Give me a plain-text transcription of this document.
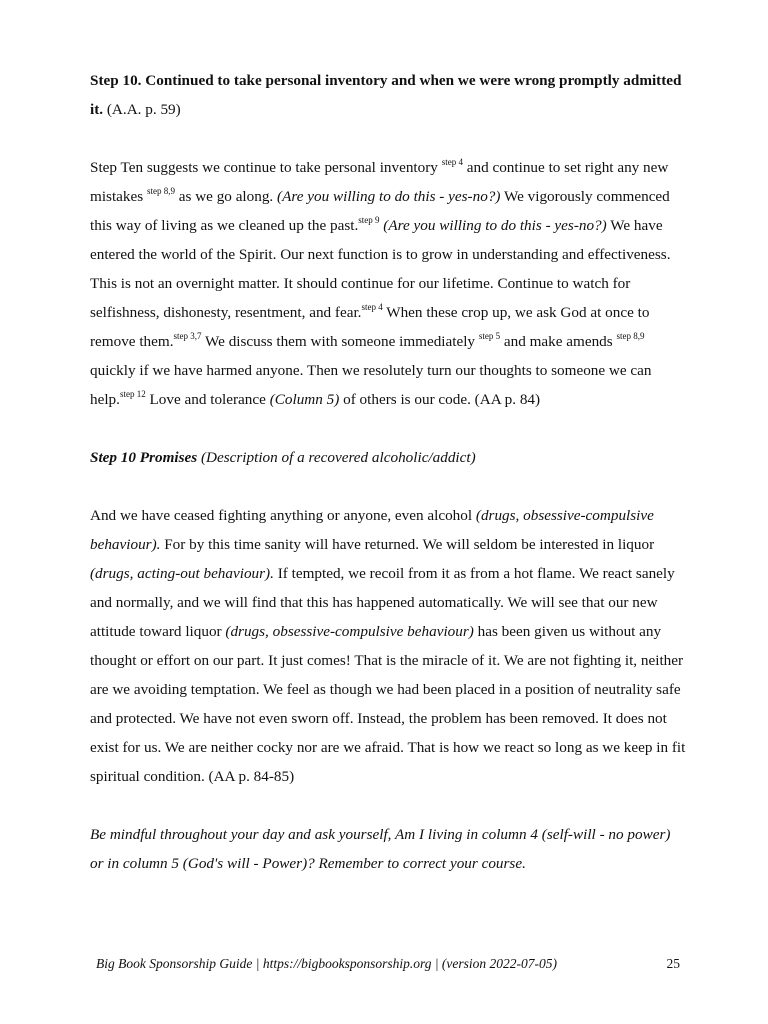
Step 10. Continued to take personal inventory and when we were wrong promptly admitted it. (A.A. p. 59)

Step Ten suggests we continue to take personal inventory $^{step 4}$ and continue to set right any new mistakes $^{step 8,9}$ as we go along. (Are you willing to do this - yes-no?) We vigorously commenced this way of living as we cleaned up the past.$^{step 9}$ (Are you willing to do this - yes-no?) We have entered the world of the Spirit. Our next function is to grow in understanding and effectiveness. This is not an overnight matter. It should continue for our lifetime. Continue to watch for selfishness, dishonesty, resentment, and fear.$^{step 4}$ When these crop up, we ask God at once to remove them.$^{step 3,7}$ We discuss them with someone immediately $^{step 5}$ and make amends $^{step 8,9}$ quickly if we have harmed anyone. Then we resolutely turn our thoughts to someone we can help.$^{step 12}$ Love and tolerance (Column 5) of others is our code. (AA p. 84)

Step 10 Promises (Description of a recovered alcoholic/addict)

And we have ceased fighting anything or anyone, even alcohol (drugs, obsessive-compulsive behaviour). For by this time sanity will have returned. We will seldom be interested in liquor (drugs, acting-out behaviour). If tempted, we recoil from it as from a hot flame. We react sanely and normally, and we will find that this has happened automatically. We will see that our new attitude toward liquor (drugs, obsessive-compulsive behaviour) has been given us without any thought or effort on our part. It just comes! That is the miracle of it. We are not fighting it, neither are we avoiding temptation. We feel as though we had been placed in a position of neutrality safe and protected. We have not even sworn off. Instead, the problem has been removed. It does not exist for us. We are neither cocky nor are we afraid. That is how we react so long as we keep in fit spiritual condition. (AA p. 84-85)

Be mindful throughout your day and ask yourself, Am I living in column 4 (self-will - no power) or in column 5 (God's will - Power)? Remember to correct your course.

Big Book Sponsorship Guide | https://bigbooksponsorship.org | (version 2022-07-05)	25
